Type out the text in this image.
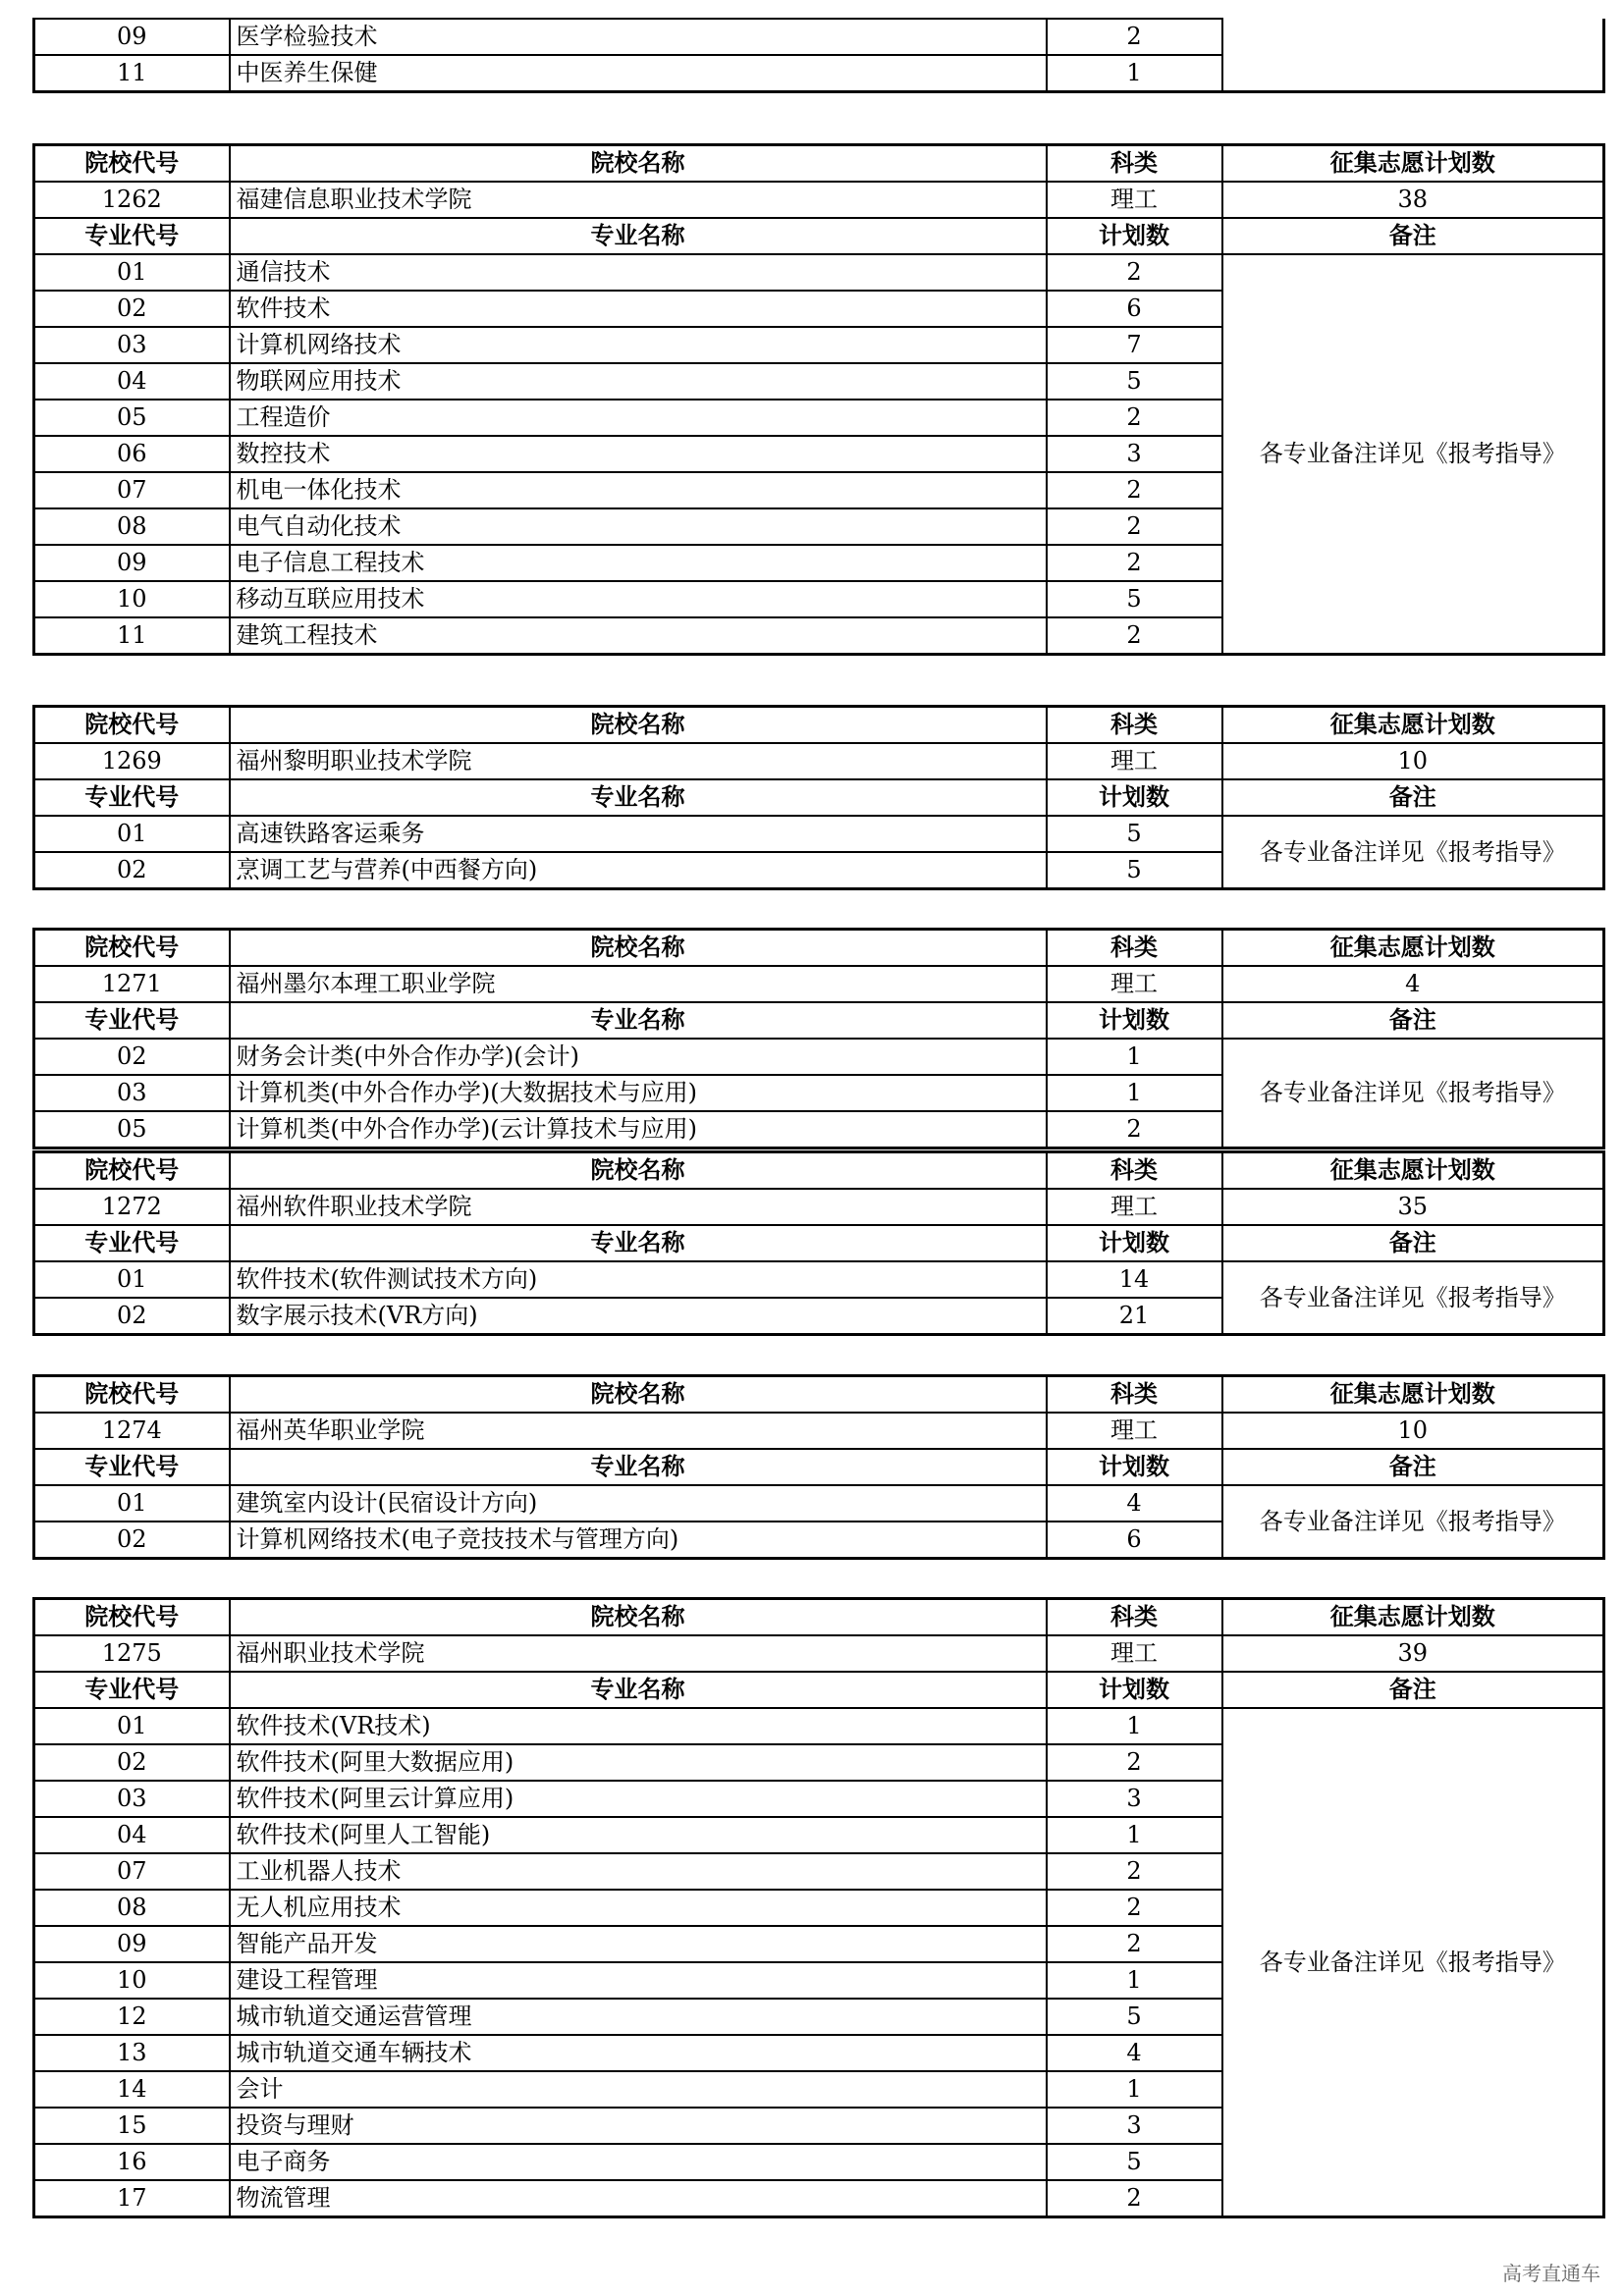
09	医学检验技术	2	
11	中医养生保健	1	
院校代号	院校名称	科类	征集志愿计划数
1262	福建信息职业技术学院	理工	38
专业代号	专业名称	计划数	备注
01	通信技术	2	各专业备注详见《报考指导》
02	软件技术	6	
03	计算机网络技术	7	
04	物联网应用技术	5	
05	工程造价	2	
06	数控技术	3	
07	机电一体化技术	2	
08	电气自动化技术	2	
09	电子信息工程技术	2	
10	移动互联应用技术	5	
11	建筑工程技术	2	
院校代号	院校名称	科类	征集志愿计划数
1269	福州黎明职业技术学院	理工	10
专业代号	专业名称	计划数	备注
01	高速铁路客运乘务	5	各专业备注详见《报考指导》
02	烹调工艺与营养(中西餐方向)	5	
院校代号	院校名称	科类	征集志愿计划数
1271	福州墨尔本理工职业学院	理工	4
专业代号	专业名称	计划数	备注
02	财务会计类(中外合作办学)(会计)	1	各专业备注详见《报考指导》
03	计算机类(中外合作办学)(大数据技术与应用)	1	
05	计算机类(中外合作办学)(云计算技术与应用)	2	
院校代号	院校名称	科类	征集志愿计划数
1272	福州软件职业技术学院	理工	35
专业代号	专业名称	计划数	备注
01	软件技术(软件测试技术方向)	14	各专业备注详见《报考指导》
02	数字展示技术(VR方向)	21	
院校代号	院校名称	科类	征集志愿计划数
1274	福州英华职业学院	理工	10
专业代号	专业名称	计划数	备注
01	建筑室内设计(民宿设计方向)	4	各专业备注详见《报考指导》
02	计算机网络技术(电子竞技技术与管理方向)	6	
院校代号	院校名称	科类	征集志愿计划数
1275	福州职业技术学院	理工	39
专业代号	专业名称	计划数	备注
01	软件技术(VR技术)	1	各专业备注详见《报考指导》
02	软件技术(阿里大数据应用)	2	
03	软件技术(阿里云计算应用)	3	
04	软件技术(阿里人工智能)	1	
07	工业机器人技术	2	
08	无人机应用技术	2	
09	智能产品开发	2	
10	建设工程管理	1	
12	城市轨道交通运营管理	5	
13	城市轨道交通车辆技术	4	
14	会计	1	
15	投资与理财	3	
16	电子商务	5	
17	物流管理	2	
高考直通车
